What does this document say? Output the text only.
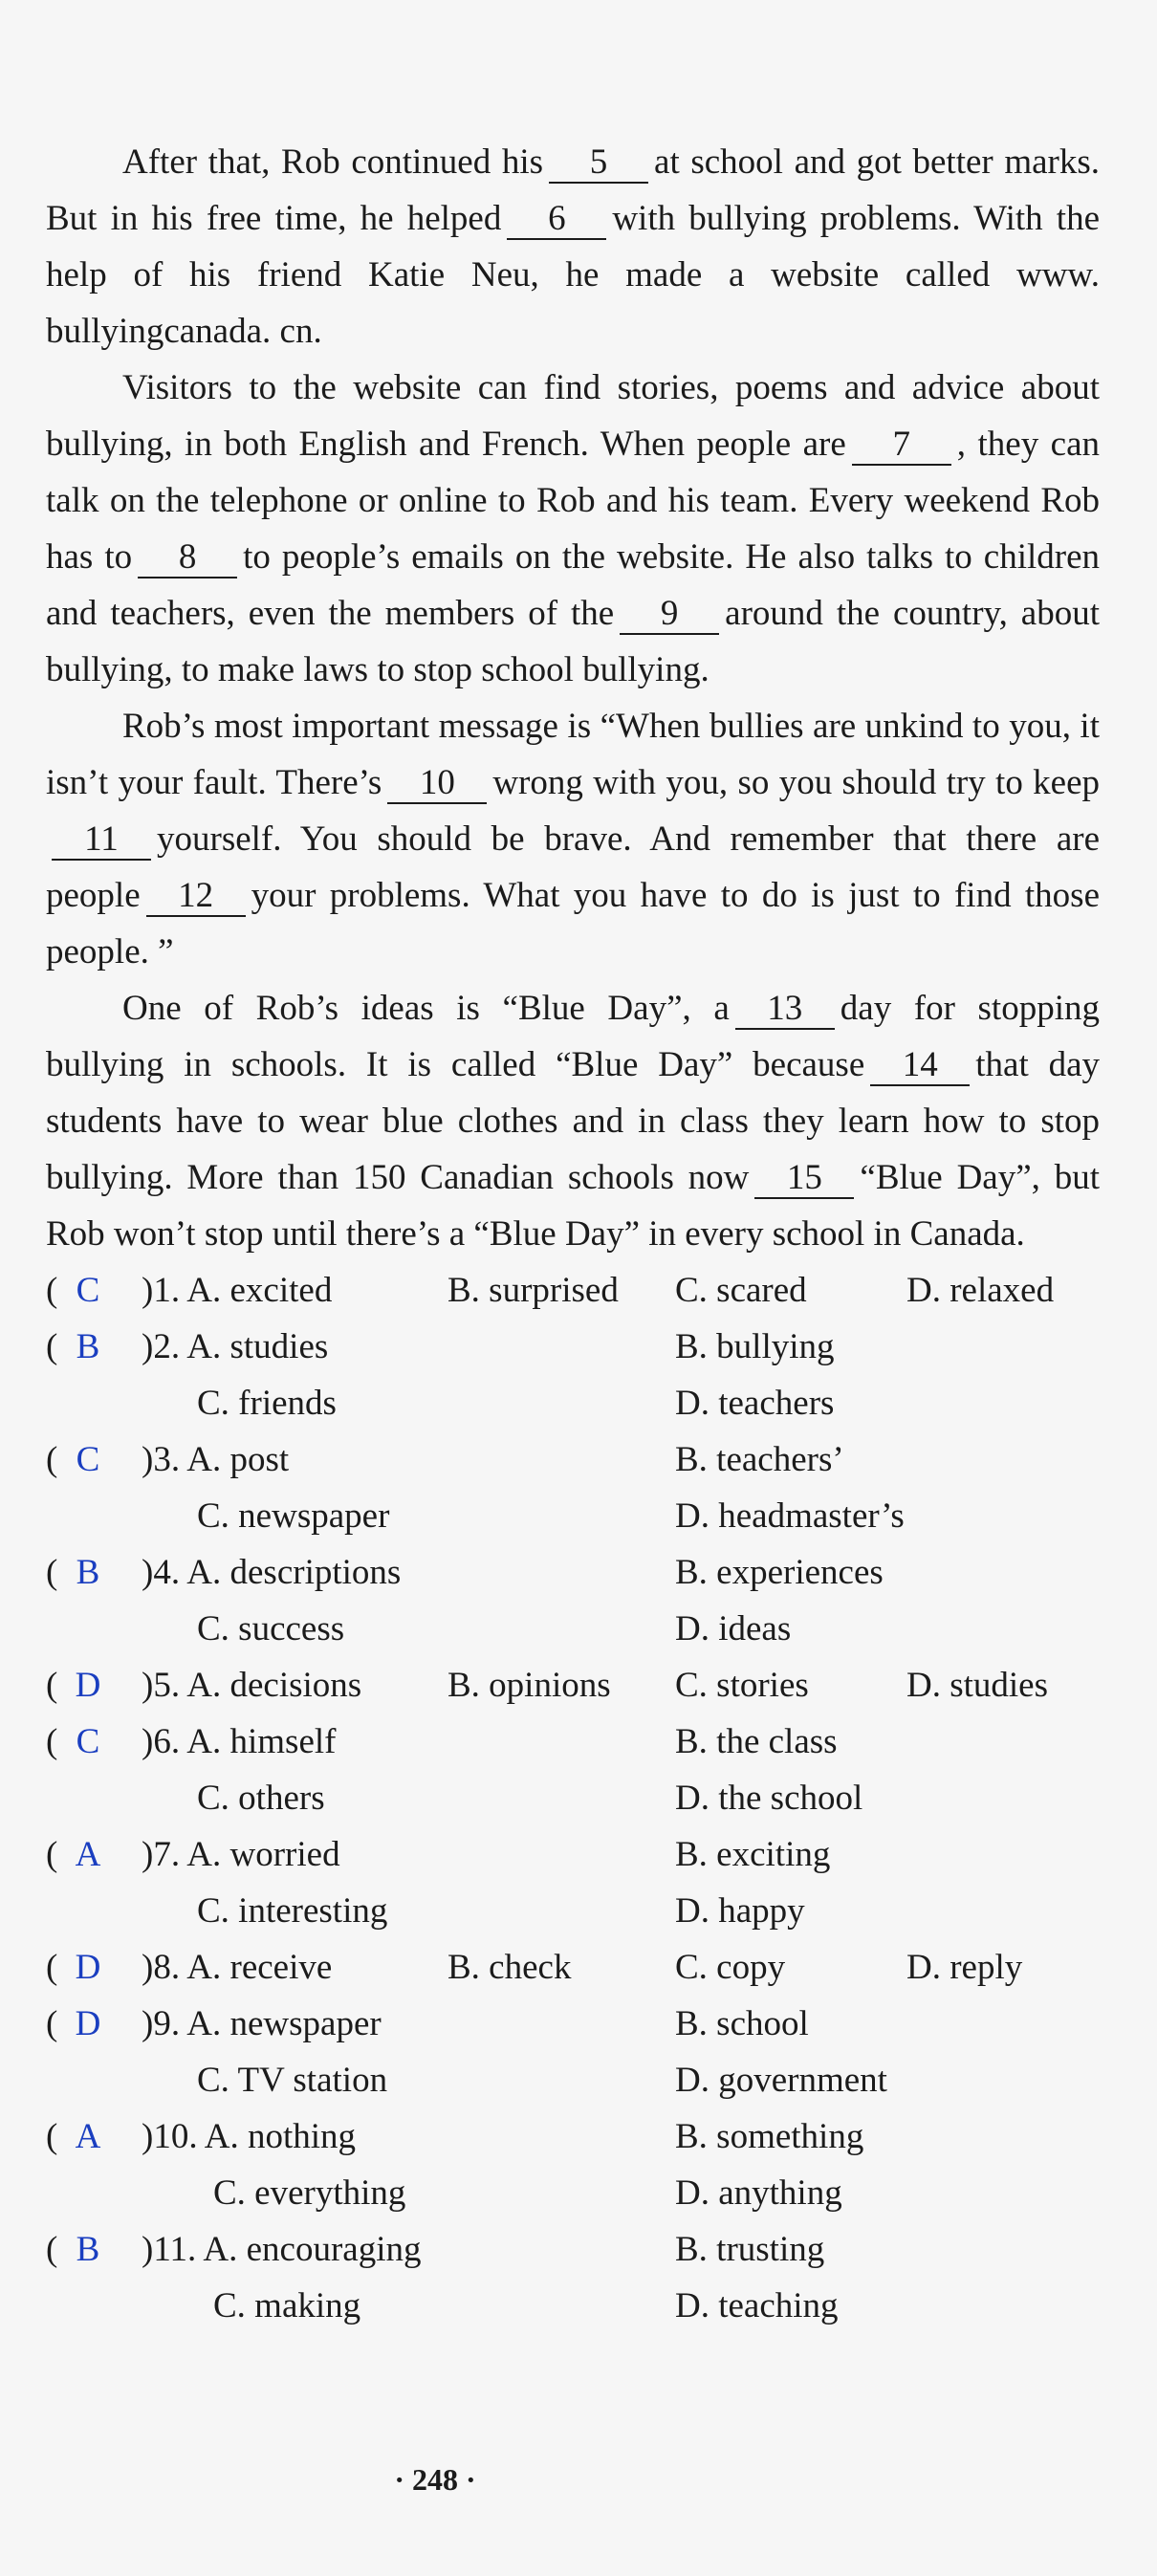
After that, Rob continued his 5 at school and got better marks. But in his free time, he helped 6 with bullying problems. With the help of his friend Katie Neu, he made a website called www. bullyingcanada. cn.

Visitors to the website can find stories, poems and advice about bullying, in both English and French. When people are 7 , they can talk on the telephone or online to Rob and his team. Every weekend Rob has to 8 to people’s emails on the website. He also talks to children and teachers, even the members of the 9 around the country, about bullying, to make laws to stop school bullying.

Rob’s most important message is “When bullies are unkind to you, it isn’t your fault. There’s 10 wrong with you, so you should try to keep11 yourself. You should be brave. And remember that there are people 12 your problems. What you have to do is just to find those people. ”

One of Rob’s ideas is “Blue Day”, a 13 day for stopping bullying in schools. It is called “Blue Day” because 14 that day students have to wear blue clothes and in class they learn how to stop bullying. More than 150 Canadian schools now 15 “Blue Day”, but Rob won’t stop until there’s a “Blue Day” in every school in Canada.

( C	)1. A. excited	B. surprised C. scared	D. relaxed
( B	)2. A. studies	B. bullying
C. friends	D. teachers
( C	)3. A. post	B. teachers’
C. newspaper	D. headmaster’s
( B	)4. A. descriptions	B. experiences
C. success	D. ideas
( D	)5. A. decisions B. opinions C. stories	D. studies
( C	)6. A. himself	B. the class
C. others	D. the school
( A	)7. A. worried	B. exciting
C. interesting	D. happy
( D	)8. A. receive	B. check	C. copy	D. reply
( D	)9. A. newspaper	B. school
C. TV station	D. government
( A	)10. A. nothing	B. something
C. everything	D. anything
( B	)11. A. encouraging	B. trusting
C. making	D. teaching
· 248 ·
